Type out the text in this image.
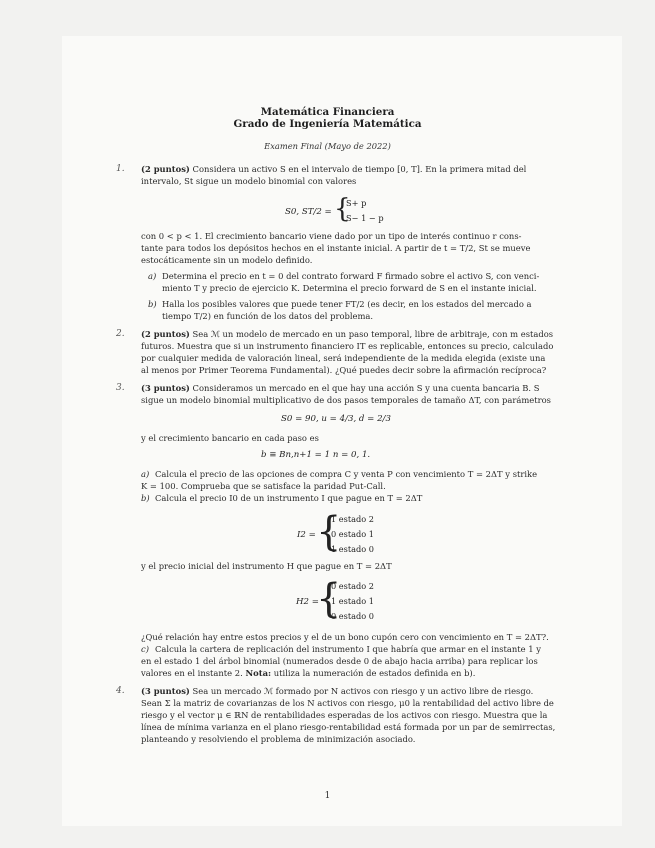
Matemática Financiera
Grado de Ingeniería Matemática
Examen Final (Mayo de 2022)
1. (2 puntos) Considera un activo S en el intervalo de tiempo [0, T]. En la primera mitad del
intervalo, St sigue un modelo binomial con valores
S0, ST/2 = {
S+ p
S− 1 − p
con 0 < p < 1. El crecimiento bancario viene dado por un tipo de interés continuo r cons-
tante para todos los depósitos hechos en el instante inicial. A partir de t = T/2, St se mueve
estocáticamente sin un modelo definido.
a) Determina el precio en t = 0 del contrato forward F firmado sobre el activo S, con venci-
miento T y precio de ejercicio K. Determina el precio forward de S en el instante inicial.
b) Halla los posibles valores que puede tener FT/2 (es decir, en los estados del mercado a
tiempo T/2) en función de los datos del problema.
2. (2 puntos) Sea ℳ un modelo de mercado en un paso temporal, libre de arbitraje, con m estados
futuros. Muestra que si un instrumento financiero IT es replicable, entonces su precio, calculado
por cualquier medida de valoración lineal, será independiente de la medida elegida (existe una
al menos por Primer Teorema Fundamental). ¿Qué puedes decir sobre la afirmación recíproca?
3. (3 puntos) Consideramos un mercado en el que hay una acción S y una cuenta bancaria B. S
sigue un modelo binomial multiplicativo de dos pasos temporales de tamaño ΔT, con parámetros
S0 = 90, u = 4/3, d = 2/3
y el crecimiento bancario en cada paso es
b ≡ Bn,n+1 = 1 n = 0, 1.
a) Calcula el precio de las opciones de compra C y venta P con vencimiento T = 2ΔT y strike
K = 100. Comprueba que se satisface la paridad Put-Call.
b) Calcula el precio I0 de un instrumento I que pague en T = 2ΔT
I2 = {
1 estado 2
0 estado 1
1 estado 0
y el precio inicial del instrumento H que pague en T = 2ΔT
H2 =
{
0 estado 2
1 estado 1
0 estado 0
¿Qué relación hay entre estos precios y el de un bono cupón cero con vencimiento en T = 2ΔT?.
c) Calcula la cartera de replicación del instrumento I que habría que armar en el instante 1 y
en el estado 1 del árbol binomial (numerados desde 0 de abajo hacia arriba) para replicar los
valores en el instante 2. Nota: utiliza la numeración de estados definida en b).
4. (3 puntos) Sea un mercado ℳ formado por N activos con riesgo y un activo libre de riesgo.
Sean Σ la matriz de covarianzas de los N activos con riesgo, μ0 la rentabilidad del activo libre de
riesgo y el vector μ ∈ ℝN de rentabilidades esperadas de los activos con riesgo. Muestra que la
línea de mínima varianza en el plano riesgo-rentabilidad está formada por un par de semirrectas,
planteando y resolviendo el problema de minimización asociado.
1
